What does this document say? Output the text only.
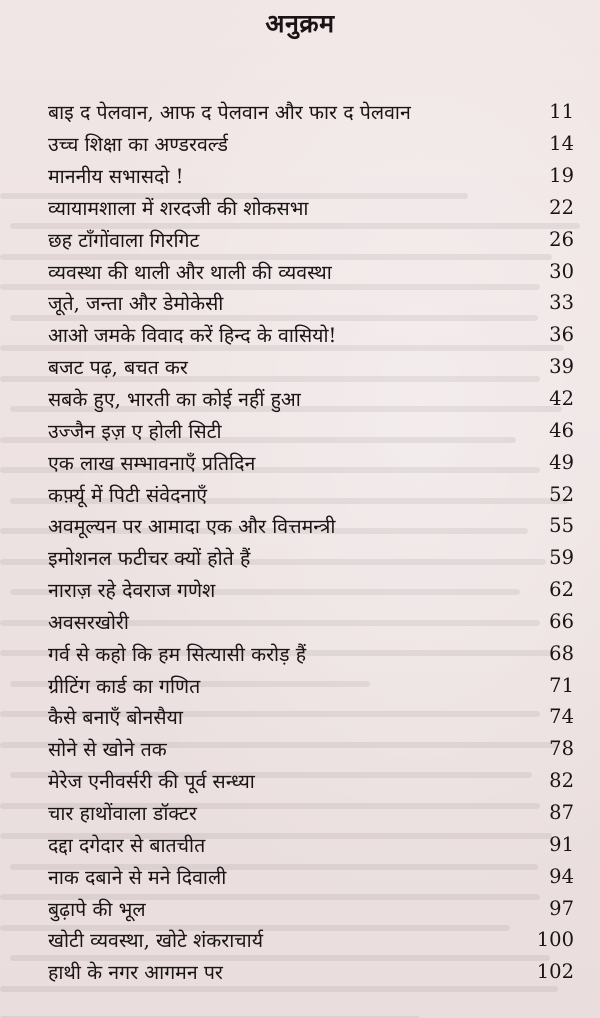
अनुक्रम
बाइ द पेलवान, आफ द पेलवान और फार द पेलवान	11
उच्च शिक्षा का अण्डरवर्ल्ड	14
माननीय सभासदो !	19
व्यायामशाला में शरदजी की शोकसभा	22
छह टाँगोंवाला गिरगिट	26
व्यवस्था की थाली और थाली की व्यवस्था	30
जूते, जन्ता और डेमोकेसी	33
आओ जमके विवाद करें हिन्द के वासियो!	36
बजट पढ़, बचत कर	39
सबके हुए, भारती का कोई नहीं हुआ	42
उज्जैन इज़ ए होली सिटी	46
एक लाख सम्भावनाएँ प्रतिदिन	49
कर्फ़्यू में पिटी संवेदनाएँ	52
अवमूल्यन पर आमादा एक और वित्तमन्त्री	55
इमोशनल फटीचर क्यों होते हैं	59
नाराज़ रहे देवराज गणेश	62
अवसरखोरी	66
गर्व से कहो कि हम सित्यासी करोड़ हैं	68
ग्रीटिंग कार्ड का गणित	71
कैसे बनाएँ बोनसैया	74
सोने से खोने तक	78
मेरेज एनीवर्सरी की पूर्व सन्ध्या	82
चार हाथोंवाला डॉक्टर	87
दद्दा दगेदार से बातचीत	91
नाक दबाने से मने दिवाली	94
बुढ़ापे की भूल	97
खोटी व्यवस्था, खोटे शंकराचार्य	100
हाथी के नगर आगमन पर	102
